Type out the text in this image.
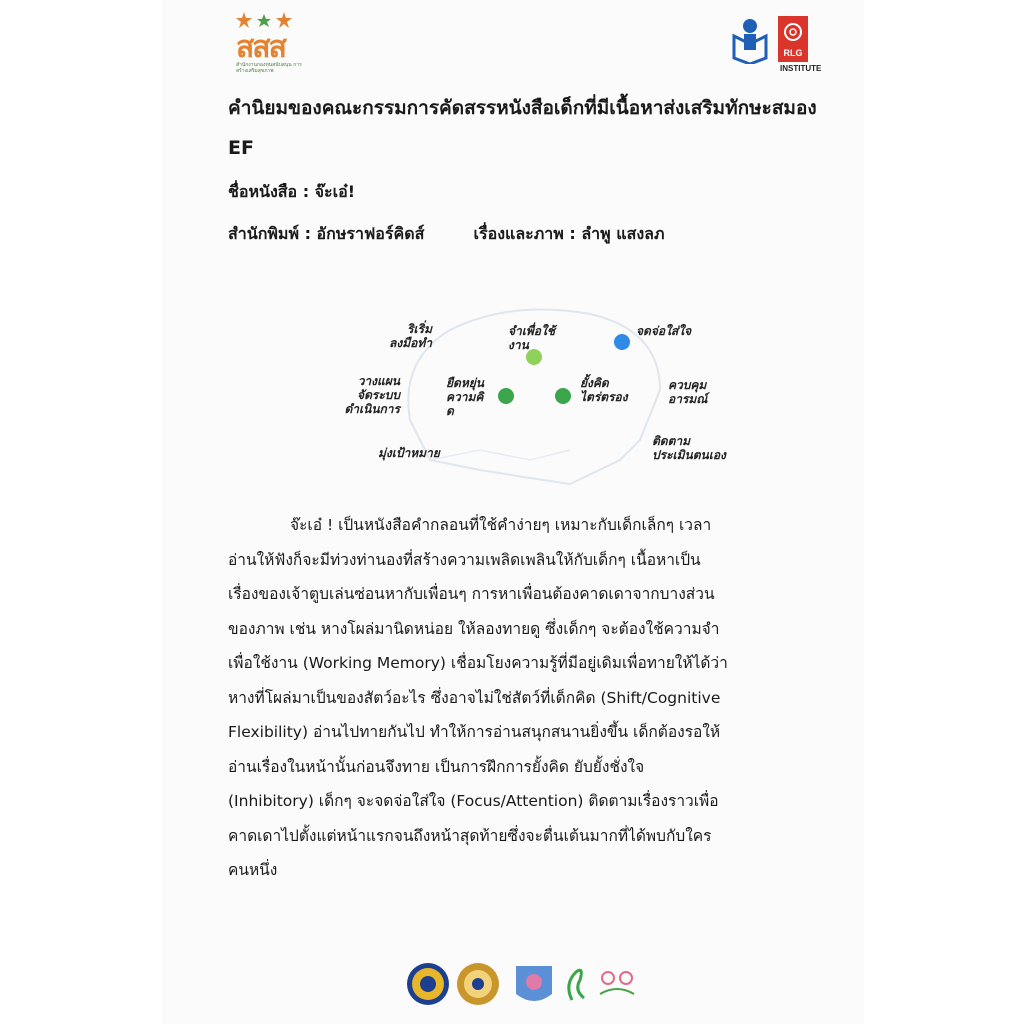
สสส
สำนักงานกองทุนสนับสนุน การสร้างเสริมสุขภาพ
RLG
INSTITUTE

คำนิยมของคณะกรรมการคัดสรรหนังสือเด็กที่มีเนื้อหาส่งเสริมทักษะสมอง EF

ชื่อหนังสือ : จ๊ะเอ๋!

สำนักพิมพ์ : อักษราฟอร์คิดส์	เรื่องและภาพ : ลำพู แสงลภ

ริเริ่ม
ลงมือทำ
จำเพื่อใช้
งาน
จดจ่อใส่ใจ
วางแผน
จัดระบบ
ดำเนินการ
ยืดหยุ่น
ความคิ
ด
ยั้งคิด
ไตร่ตรอง
ควบคุม
อารมณ์
มุ่งเป้าหมาย
ติดตาม
ประเมินตนเอง

จ๊ะเอ๋ ! เป็นหนังสือคำกลอนที่ใช้คำง่ายๆ เหมาะกับเด็กเล็กๆ เวลา
อ่านให้ฟังก็จะมีท่วงท่านองที่สร้างความเพลิดเพลินให้กับเด็กๆ เนื้อหาเป็น
เรื่องของเจ้าตูบเล่นซ่อนหากับเพื่อนๆ การหาเพื่อนต้องคาดเดาจากบางส่วน
ของภาพ เช่น หางโผล่มานิดหน่อย ให้ลองทายดู ซึ่งเด็กๆ จะต้องใช้ความจำ
เพื่อใช้งาน (Working Memory) เชื่อมโยงความรู้ที่มีอยู่เดิมเพื่อทายให้ได้ว่า
หางที่โผล่มาเป็นของสัตว์อะไร ซึ่งอาจไม่ใช่สัตว์ที่เด็กคิด (Shift/Cognitive
Flexibility) อ่านไปทายกันไป ทำให้การอ่านสนุกสนานยิ่งขึ้น เด็กต้องรอให้
อ่านเรื่องในหน้านั้นก่อนจึงทาย เป็นการฝึกการยั้งคิด ยับยั้งชั่งใจ
(Inhibitory) เด็กๆ จะจดจ่อใส่ใจ (Focus/Attention) ติดตามเรื่องราวเพื่อ
คาดเดาไปตั้งแต่หน้าแรกจนถึงหน้าสุดท้ายซึ่งจะตื่นเต้นมากที่ได้พบกับใคร
คนหนึ่ง
